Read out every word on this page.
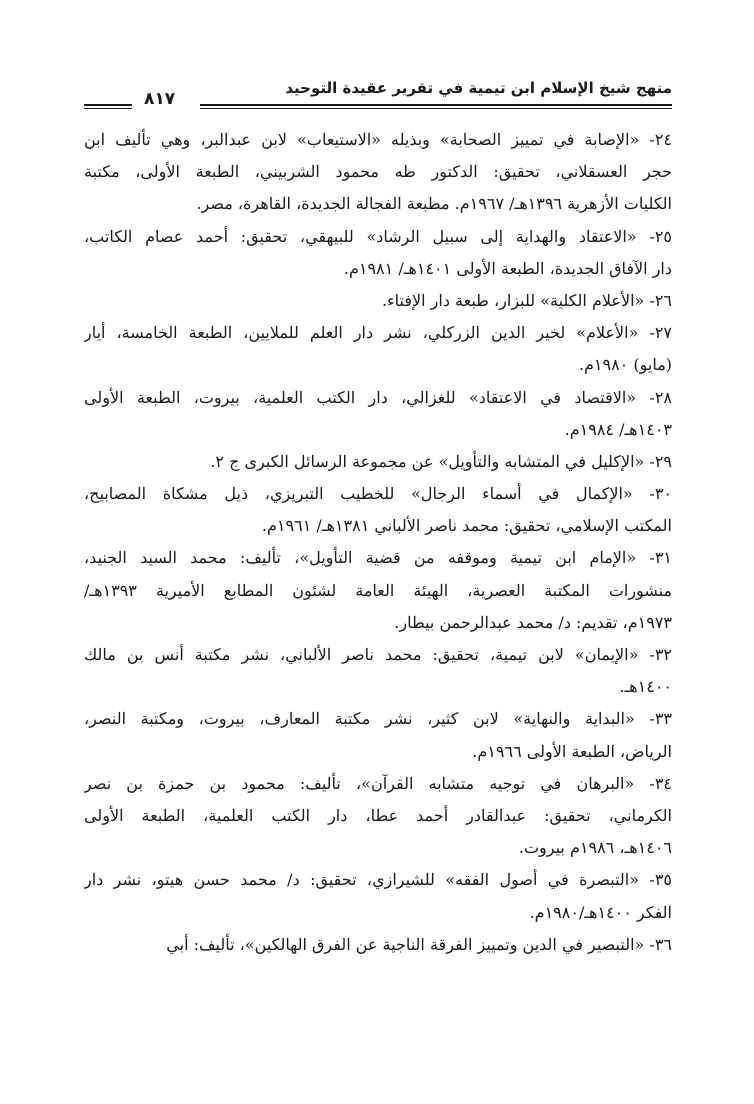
منهج شيخ الإسلام ابن تيمية في تقرير عقيدة التوحيد
٨١٧
٢٤- «الإصابة في تمييز الصحابة» وبذيله «الاستيعاب» لابن عبدالبر، وهي تأليف ابن
حجر العسقلاني، تحقيق: الدكتور طه محمود الشربيني، الطبعة الأولى، مكتبة
الكليات الأزهرية ١٣٩٦هـ/ ١٩٦٧م. مطبعة الفجالة الجديدة، القاهرة، مصر.
٢٥- «الاعتقاد والهداية إلى سبيل الرشاد» للبيهقي، تحقيق: أحمد عصام الكاتب،
دار الآفاق الجديدة، الطبعة الأولى ١٤٠١هـ/ ١٩٨١م.
٢٦- «الأعلام الكلية» للبزار، طبعة دار الإفتاء.
٢٧- «الأعلام» لخير الدين الزركلي، نشر دار العلم للملايين، الطبعة الخامسة، أيار
(مايو) ١٩٨٠م.
٢٨- «الاقتصاد في الاعتقاد» للغزالي، دار الكتب العلمية، بيروت، الطبعة الأولى
١٤٠٣هـ/ ١٩٨٤م.
٢٩- «الإكليل في المتشابه والتأويل» عن مجموعة الرسائل الكبرى ج ٢.
٣٠- «الإكمال في أسماء الرجال» للخطيب التبريزي، ذيل مشكاة المصابيح،
المكتب الإسلامي، تحقيق: محمد ناصر الألباني ١٣٨١هـ/ ١٩٦١م.
٣١- «الإمام ابن تيمية وموقفه من قضية التأويل»، تأليف: محمد السيد الجنيد،
منشورات المكتبة العصرية، الهيئة العامة لشئون المطابع الأميرية ١٣٩٣هـ/
١٩٧٣م، تقديم: د/ محمد عبدالرحمن بيطار.
٣٢- «الإيمان» لابن تيمية، تحقيق: محمد ناصر الألباني، نشر مكتبة أنس بن مالك
١٤٠٠هـ.
٣٣- «البداية والنهاية» لابن كثير، نشر مكتبة المعارف، بيروت، ومكتبة النصر،
الرياض، الطبعة الأولى ١٩٦٦م.
٣٤- «البرهان في توجيه متشابه القرآن»، تأليف: محمود بن حمزة بن نصر
الكرماني، تحقيق: عبدالقادر أحمد عطا، دار الكتب العلمية، الطبعة الأولى
١٤٠٦هـ، ١٩٨٦م بيروت.
٣٥- «التبصرة في أصول الفقه» للشيرازي، تحقيق: د/ محمد حسن هيتو، نشر دار
الفكر ١٤٠٠هـ/١٩٨٠م.
٣٦- «التبصير في الدين وتمييز الفرقة الناجية عن الفرق الهالكين»، تأليف: أبي
